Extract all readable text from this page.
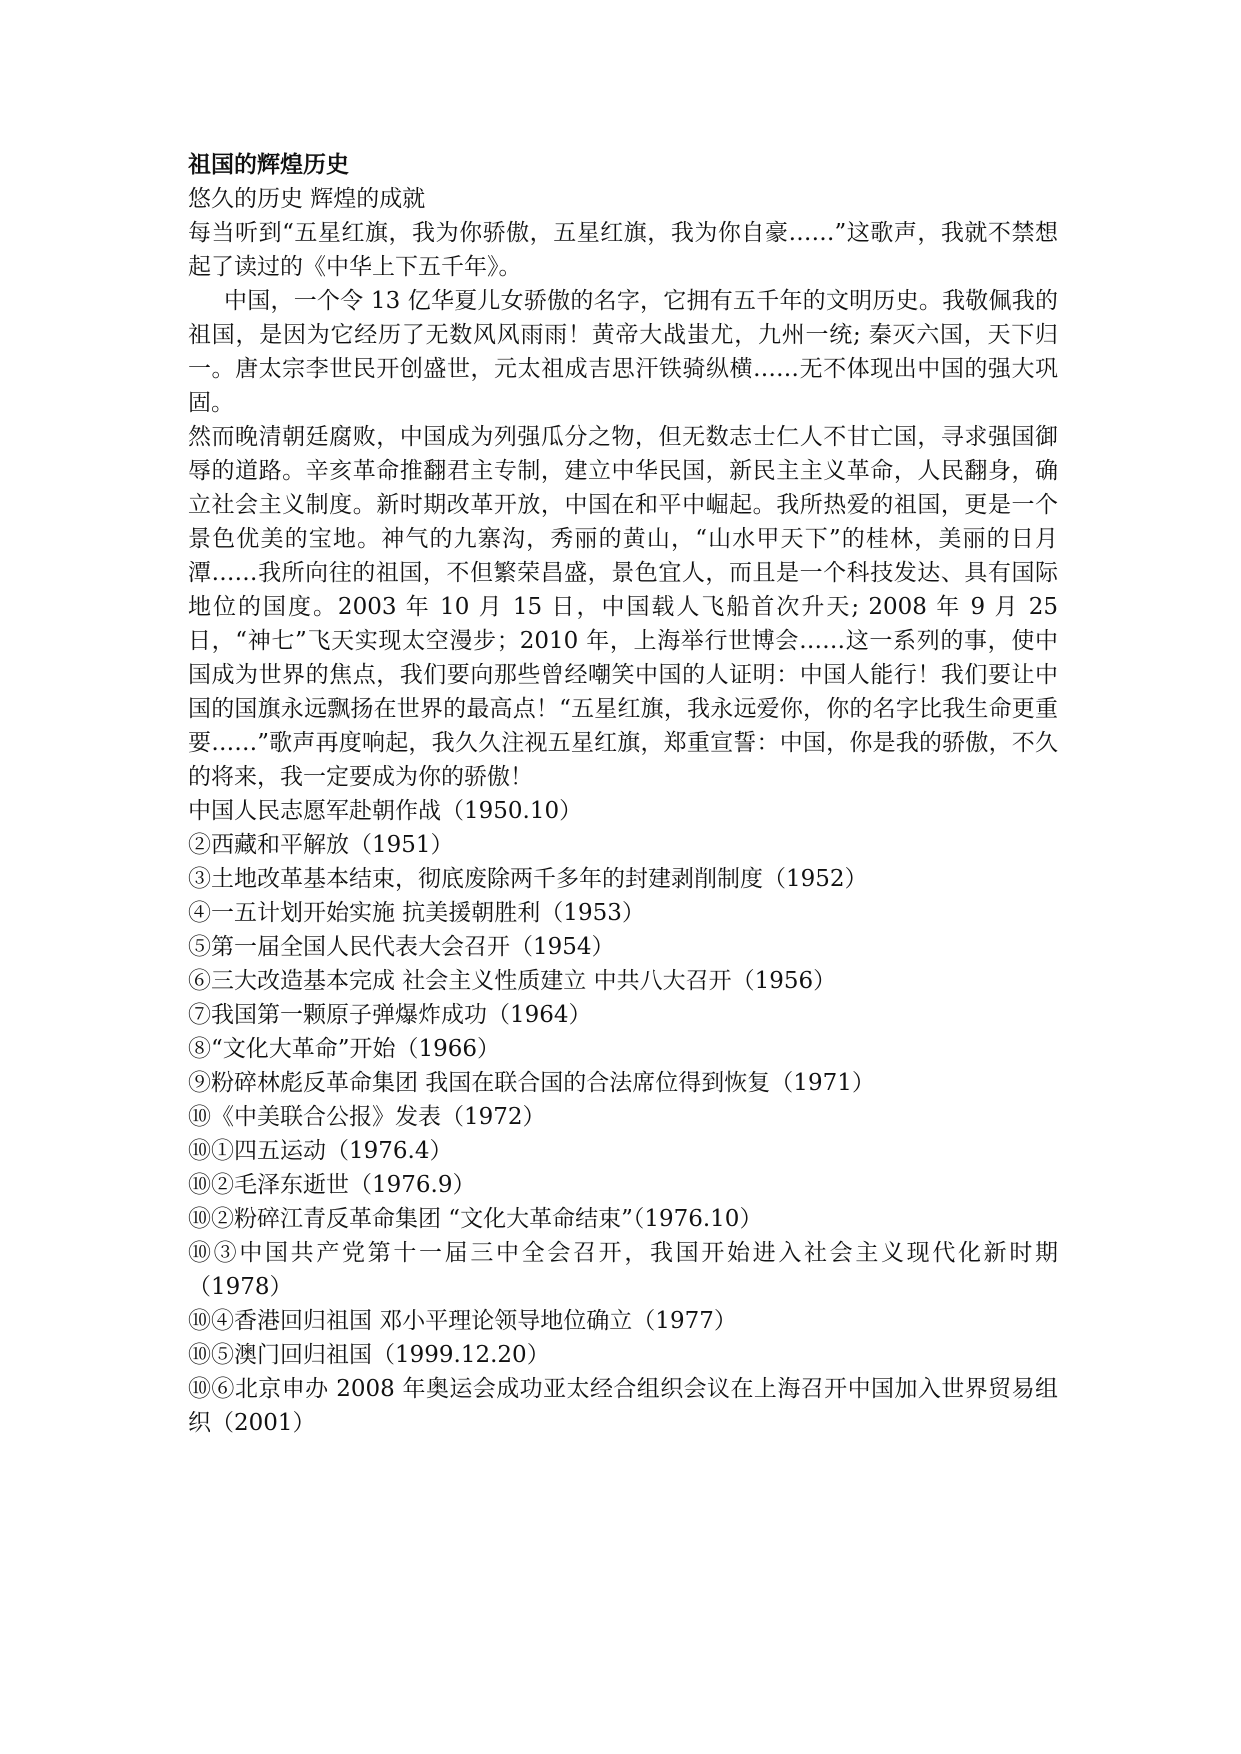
祖国的辉煌历史

悠久的历史 辉煌的成就

每当听到“五星红旗，我为你骄傲，五星红旗，我为你自豪……”这歌声，我就不禁想起了读过的《中华上下五千年》。

中国，一个令 13 亿华夏儿女骄傲的名字，它拥有五千年的文明历史。我敬佩我的祖国，是因为它经历了无数风风雨雨！黄帝大战蚩尤，九州一统; 秦灭六国，天下归一。唐太宗李世民开创盛世，元太祖成吉思汗铁骑纵横……无不体现出中国的强大巩固。

然而晚清朝廷腐败，中国成为列强瓜分之物，但无数志士仁人不甘亡国，寻求强国御辱的道路。辛亥革命推翻君主专制，建立中华民国，新民主主义革命，人民翻身，确立社会主义制度。新时期改革开放，中国在和平中崛起。我所热爱的祖国，更是一个景色优美的宝地。神气的九寨沟，秀丽的黄山，“山水甲天下”的桂林，美丽的日月潭……我所向往的祖国，不但繁荣昌盛，景色宜人，而且是一个科技发达、具有国际地位的国度。2003 年 10 月 15 日，中国载人飞船首次升天; 2008 年 9 月 25 日，“神七”飞天实现太空漫步；2010 年，上海举行世博会……这一系列的事，使中国成为世界的焦点，我们要向那些曾经嘲笑中国的人证明：中国人能行！我们要让中国的国旗永远飘扬在世界的最高点！“五星红旗，我永远爱你，你的名字比我生命更重要……”歌声再度响起，我久久注视五星红旗，郑重宣誓：中国，你是我的骄傲，不久的将来，我一定要成为你的骄傲！

中国人民志愿军赴朝作战（1950.10）
②西藏和平解放（1951）
③土地改革基本结束，彻底废除两千多年的封建剥削制度（1952）
④一五计划开始实施 抗美援朝胜利（1953）
⑤第一届全国人民代表大会召开（1954）
⑥三大改造基本完成 社会主义性质建立 中共八大召开（1956）
⑦我国第一颗原子弹爆炸成功（1964）
⑧“文化大革命”开始（1966）
⑨粉碎林彪反革命集团 我国在联合国的合法席位得到恢复（1971）
⑩《中美联合公报》发表（1972）
⑩①四五运动（1976.4）
⑩②毛泽东逝世（1976.9）
⑩②粉碎江青反革命集团 “文化大革命结束”（1976.10）
⑩③中国共产党第十一届三中全会召开，我国开始进入社会主义现代化新时期（1978）
⑩④香港回归祖国 邓小平理论领导地位确立（1977）
⑩⑤澳门回归祖国（1999.12.20）
⑩⑥北京申办 2008 年奥运会成功亚太经合组织会议在上海召开中国加入世界贸易组织（2001）
